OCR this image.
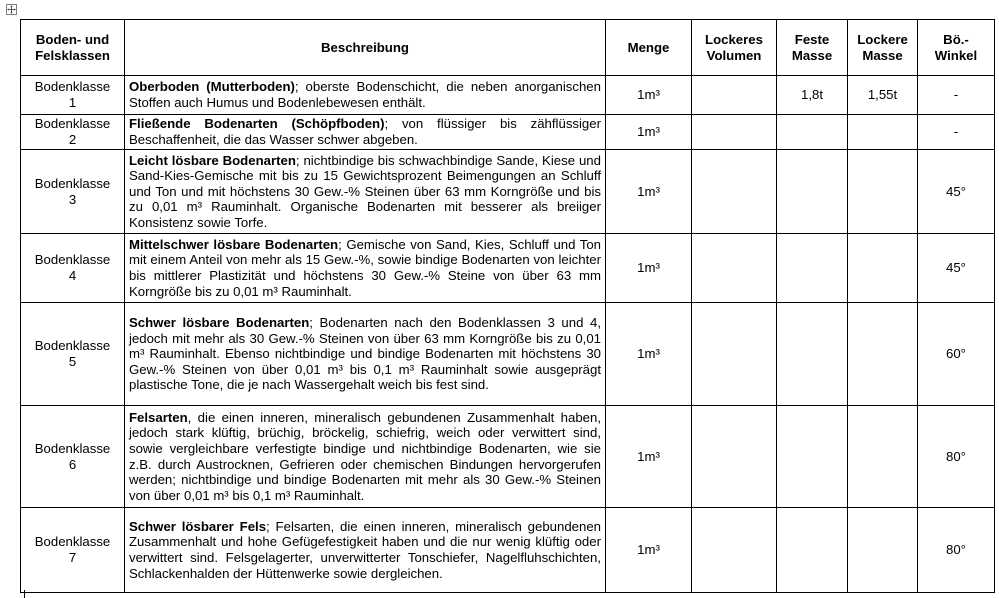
Boden- und Felsklassen	Beschreibung	Menge	Lockeres Volumen	Feste Masse	Lockere Masse	Bö.-Winkel

Bodenklasse
1	Oberboden (Mutterboden); oberste Bodenschicht, die neben anorganischen Stoffen auch Humus und Bodenlebewesen enthält.	1m³		1,8t	1,55t	-

Bodenklasse
2	Fließende Bodenarten (Schöpfboden); von flüssiger bis zähflüssiger Beschaffenheit, die das Wasser schwer abgeben.	1m³				-

Bodenklasse
3	Leicht lösbare Bodenarten; nichtbindige bis schwachbindige Sande, Kiese und Sand-Kies-Gemische mit bis zu 15 Gewichtsprozent Beimengungen an Schluff und Ton und mit höchstens 30 Gew.-% Steinen über 63 mm Korngröße und bis zu 0,01 m³ Rauminhalt. Organische Bodenarten mit besserer als breiiger Konsistenz sowie Torfe.	1m³				45°

Bodenklasse
4	Mittelschwer lösbare Bodenarten; Gemische von Sand, Kies, Schluff und Ton mit einem Anteil von mehr als 15 Gew.-%, sowie bindige Bodenarten von leichter bis mittlerer Plastizität und höchstens 30 Gew.-% Steine von über 63 mm Korngröße bis zu 0,01 m³ Rauminhalt.	1m³				45°

Bodenklasse
5	Schwer lösbare Bodenarten; Bodenarten nach den Bodenklassen 3 und 4, jedoch mit mehr als 30 Gew.-% Steinen von über 63 mm Korngröße bis zu 0,01 m³ Rauminhalt. Ebenso nichtbindige und bindige Bodenarten mit höchstens 30 Gew.-% Steinen von über 0,01 m³ bis 0,1 m³ Rauminhalt sowie ausgeprägt plastische Tone, die je nach Wassergehalt weich bis fest sind.	1m³				60°

Bodenklasse
6	Felsarten, die einen inneren, mineralisch gebundenen Zusammenhalt haben, jedoch stark klüftig, brüchig, bröckelig, schiefrig, weich oder verwittert sind, sowie vergleichbare verfestigte bindige und nichtbindige Bodenarten, wie sie z.B. durch Austrocknen, Gefrieren oder chemischen Bindungen hervorgerufen werden; nichtbindige und bindige Bodenarten mit mehr als 30 Gew.-% Steinen von über 0,01 m³ bis 0,1 m³ Rauminhalt.	1m³				80°

Bodenklasse
7	Schwer lösbarer Fels; Felsarten, die einen inneren, mineralisch gebundenen Zusammenhalt und hohe Gefügefestigkeit haben und die nur wenig klüftig oder verwittert sind. Felsgelagerter, unverwitterter Tonschiefer, Nagelfluhschichten, Schlackenhalden der Hüttenwerke sowie dergleichen.	1m³				80°
